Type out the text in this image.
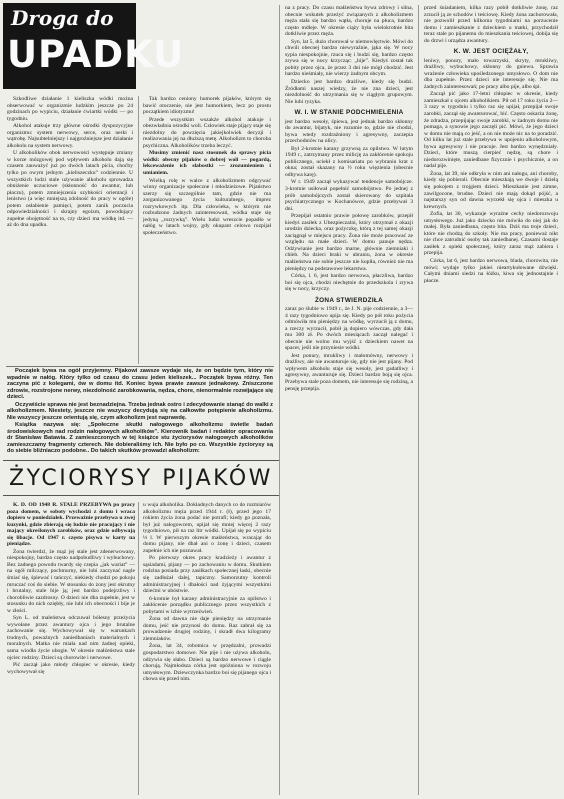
Droga do
UPADKU

Szkodliwe działanie 1 kieliszka wódki można obserwować w organizmie ludzkim jeszcze po 24 godzinach po wypiciu, działanie ćwiartki wódki — po tygodniu.

Alkohol atakuje trzy główne ośrodki dyspozycyjne organizmu: system nerwowy, serce, oraz nerki i wątrobę. Najsubtelniejszy i najgroźniejsze jest działanie alkoholu na system nerwowy.

U alkoholików obok nerwowości występuje zmiany w korze mózgowej pod wpływem alkoholu dają się czasem zauważyć już po dwóch latach picia, choćby tylko po owym jednym „kieliszeczku” codziennie. U wszystkich ludzi stale używanie alkoholu sprowadza obniżenie uczuciowe (skłonność do awantur, lub płaczu), potem zmniejszenia szybkości orientacji i lenistwo (a więc mniejszą zdolność do pracy w ogóle) potem osłabienie pamięci, potem zanik poczucia odpowiedzialności i skrajny egoizm, powodujący zupełne obojętność na to, czy dzieci ma wódkę itd. — aż do dna upadku.

Tak bardzo ceniony humorek pijaków, którym się bawić otoczenie, nie jest humorkiem, lecz po prostu początkiem idiotyzmu!

Przede wszystkim wszakże alkohol atakuje i obezwładnia ośrodki woli. Człowiek staje pijący staje się niezdolny do powzięcia jakiejkolwiek decyzji i realizowania jej na dłuższą metę. Alkoholizm to choroba psychiczna. Alkoholików trzeba leczyć.

Musimy zmienić nasz stosunek do sprawy picia wódki: obecny pijaków o dobrej woli — pogardą, lekceważenie ich słabostki — zrozumieniem i umianiem.

Wielką rolę w walce z alkoholizmem odgrywać winny organizacje społeczne i młodzieżowe. Pijaństwo szerzy się szczególnie tam, gdzie nie ma zorganizowanego życia kulturalnego, imprez rozrywkowych itp. Dla człowieka, w którym nie rozbudzono żadnych zainteresowań, wódka staje się jedyną „rozrywką”. Wielu ludzi wreszcie popadło w nałóg w latach wojny, gdy okupant celowo rozpijał społeczeństwo.

Początek bywa na ogół przyjemny. Pijakowi zawsze wydaje się, że on będzie tym, który nie wpadnie w nałóg. Który tylko od czasu do czasu jeden kieliszek... Początek bywa różny. Ten zaczyna pić z kolegami, ów w domu itd. Koniec bywa prawie zawsze jednakowy. Zniszczone zdrowie, rozstrojone nerwy, niezdolność zarobkowania, nędza, chore, nienormalnie rozwijające się dzieci.

Oczywiście sprawa nie jest beznadziejna. Trzeba jednak ostro i zdecydowanie stanąć do walki z alkoholizmem. Niestety, jeszcze nie wszyscy decydują się na całkowite potępienie alkoholizmu. Nie wszyscy jeszcze orientują się, czym alkoholizm jest naprawdę.

Książka nazywa się: „Społeczne skutki nałogowego alkoholizmu świetle badań środowiskowych nad rodzin nałogowych alkoholików”. Kierownik badań i redaktor opracowania dr Stanisław Batawia. Z zamieszczonych w tej książce stu życiorysów nałogowych alkoholików zamieszczamy fragmenty czterech. Nie dobieraliśmy ich. Nie było po co. Wszystkie życiorysy są do siebie bliźniaczo podobne.. Do takich skutków prowadzi alkoholizm:

ŻYCIORYSY PIJAKÓW

K. D. OD 1948 R. STALE PRZEBYWA po pracy poza domem, w soboty wychodzi z domu i wraca dopiero w poniedziałek. Przeważnie przebywa u zwej kuzynki, gdzie zbierają się ludzie nie pracujący i nie mający określonych zarobków, oraz gdzie odbywają się libacje. Od 1947 r. często pisywa w karty na pieniądze.

Żona twierdzi, że mąż jej stale jest zdenerwowany, niespokojny, bardzo często nadpobudliwy i wybuchowy. Bez żadnego powodu twardy się czepia „jak wariat” — na ogół milczący, pochmurny, nie lubi zaczynać nagle śmiać się, śpiewać i tańczyć, niekiedy chodzi po pokoju mruczać coś do siebie. W stosunku do żony jest okrutny i brutalny, stale bije ją; jest bardzo podejrzliwy i chorobliwie zazdrosny. O dzieci nie dba zupełnie, jest w stosunku do nich oziębły, nie lubi ich obecności i bije je w złości.

Syn L. od maleństwa odczuwał bólesny przeżycia wywołane przez awantury ojca i jego brutalne zachowanie się. Wychowywał się w warunkach trudnych, poważnych zaniedbaniach materialnych i moralnych. Matka nie miała nad nim żadnej opieki, sama wiodła życie ubogie. W okresie małżeństwa stale ojciec rodziny. Dzieci są chorowite i nerwowe.

Pić zaczął jako młody chłopiec w okresie, kiedy wychowywał się

u wuja alkoholika. Dokładnych danych co do rozmiarów alkoholizmu męża przed 1944 r. (ł), przed jego 17 rokiem życia żona podać nie potrafi; kiedy go poznała, był już nałogowcem, upijał się mniej więcej 2 razy tygodniowo, pił na raz litr wódki. Upijał się po wypiciu ⅓ l. W pierwszym okresie małżeństwa, wracając do domu pijany, nie dbał ani o żonę i dzieci, czasem zupełnie ich nie poznawał.

Po pierwszy okres pracy kradzieży i awantur z sąsiadami, pijany — po zachowaniu w domu. Skutkiem rodzina posiada przy zasiłkach społecznej łaski, obecnie się zadłużał dalej, tapiczny. Samorzutny kontroli administracyjnej i dbałości nad żyjącymi wszystkimi dziećmi w ubóstwie.

6-krotnie był karany administracyjnie za opilstwo i zakłócenie porządku publicznego przez wszystkich z pobytami w izbie wytrzeźwień.

Żona od dawna nie daje pieniędzy na utrzymanie domu, jeść nie przynosi do domu. Raz zabrał się za prowadzenie drugiej rodziny, i skradł dwa kilogramy ziemniaków.

Żona, lat 34, robotnica w przędzalni, prowadzi gospodarstwo domowe. Nie pije i nie używa alkoholu, odżywia się słabo. Dzieci są bardzo nerwowe i ciągle chorują. Najmłodsza córka jest opóźniona w rozwoju umysłowym. Dziewczynka bardzo boi się pijanego ojca i chowa się przed nim.

na z pracy. Do czasu małżeństwa bywa zdrowy i silna, obecnie wskutek przeżyć związanych z alkoholizmem męża stała się bardzo wątła, choruje na płuca, bardzo często mdleje. W okresie ciąży była wielokrotnie bita dotkliwie przez męża.

Syn, lat 5, dużo chorował w niemowlęctwie. Mówi do chwili obecnej bardzo niewyraźnie, jąka się. W nocy sypia niespokojnie, rzuca się i budzi się, bardzo często zrywa się w nocy krzycząc: „bije”. Kiedyś został tak pobity przez ojca, że przez 3 dni nie mógł chodzić. Jest bardzo nieśmiały, nie wierzy żadnym obcym.

Dziecko jest bardzo drażliwe, kiedy się budzi. Źródłami naszej wiedzy, że nie zna dzieci, jest niezdolność do utrzymania się w ciągłym grupowym. Nie lubi ryzyka.

W. I. W STANIE PODCHMIELENIA

jest bardzo wesoły, śpiewa, jest jednak bardzo skłonny do awantur, bijatyk, nie rozumie to, gdzie nie chodzi, bywa wtedy rozdrażniony i agresywny, zaczepia przechodniów na ulicy.

Był 2-krotnie karany grzywną za opilstwo. W lutym 1949 r., zatrzymany przez milicję za zakłócenie spokoju publicznego, uciekł z komisariatu po wybraniu krat z okna; został skazany na ½ roku więzienia (obecnie odbywa karę).

W r. 1949 zaczął wykazywać tendencje samobójcze. 3-krotnie usiłował popełnić samobójstwo. Po jednej z prób samobójczych został skierowany do szpitala psychiatrycznego w Kochanówce, gdzie przebywał 3 dni.

Przepijał ostatnio prawie połowę zarobków, przepił kiedyś zasiłek z Ubezpieczalni, który otrzymał z okazji urodzin dziecka, oraz pożyczkę, którą z tej samej okazji zaciągnął w miejscu pracy. Żona nie może pracować ze względu na małe dzieci. W domu panuje nędza. Odżywianie jest bardzo marne, głównie ziemniaki i chleb. Na dzieci braki w ubraniu, żona w okresie małżeństwa nie sobie jeszcze nie kupiła, również nie ma pieniędzy na podstawowe lekarstwa.

Córka, l. 6, jest bardzo nerwowa, płaczliwa, bardzo boi się ojca, chodzi niechętnie do przedszkola i zrywa się w nocy, krzyczy.

ŻONA STWIERDZIŁA

zaraz po ślubie w 1949 r., że J. N. pije codziennie, a 3—4 razy tygodniowo upija się. Kiedy po pół roku pożycia odmówiła mu pieniędzy na wódkę, wyrzucił ją z domu, a rzeczy wyrzucił, pobił ją dopiero wówczas, gdy dała mu 300 zł. Po dwóch miesiącach zaczął nalegać i obecnie nie wolno mu wyjść z dzieckiem nawet na spacer, jeśli nie przyniesie wódki.

Jest ponury, mrukliwy i małomówny, nerwowy i drażliwy, ale nie awanturuje się, gdy nie jest pijany. Pod wpływem alkoholu staje się wesoły, jest gadatliwy i agresywny, awanturuje się. Dzieci bardzo boją się ojca. Przebywa stale poza domem, nie interesuje się rodziną, a pensję przepija.

przed śniadaniem, kilka razy pobił dotkliwie żonę, raz zrzucił ją ze schodów i teściowę. Kiedy żona zachorowała, nie pozwolił przed kilkoma tygodniami na porzucenie domu i zamieszkanie z dzieckiem u matki, przychodził teraz stale po pijanemu do mieszkania teściowej, dobija się do drzwi i urządza awantury.

K. W. JEST OCIĘŻAŁY,

leniwy, ponury, mało towarzyski, skryty, mrukliwy, drażliwy, wybuchowy, skłonny do gniewu. Sprawia wrażenie człowieka upośledzonego umysłowo. O dom nie dba zupełnie. Przez dzieci nie interesuje się. Nie ma żadnych zainteresowań; po pracy albo pije, albo śpi.

Zaczął pić jako 17-letni chłopiec w okresie, kiedy zamieszkał z ojcem alkoholikiem. Pił od 17 roku życia 2—3 razy w tygodniu i tylko raz się upijał, przepijał swoje zarobki, zaczął się awanturować, bić. Często oskarża żonę, że zdradza, przepijając swoje zarobki, w żadnym domu nie pomaga, a synowie jego zaczęli pić. Mówi, że jego dzieci w domu nie mają co jeść, a on nie może nic na to poradzić. Od kilku lat już stale przebywa w upojeniu alkoholowym, bywa agresywny i nie pracuje. Jest bardzo wynędzniały. Dzieci, które muszą cierpieć nędzę, są chore i niedorozwinięte, zaniedbane fizycznie i psychicznie, a on nadal pije.

Żona, lat 39, nie odkryła w nim ani nałogu, ani choroby, kiedy się pobierali. Obecnie mieszkają we dwoje i dzielą się pokojem z trojgiem dzieci. Mieszkanie jest zimne, zawilgocone, brudne. Dzieci nie mają dokąd pójść, a najstarszy syn od dawna wyrzekł się ojca i mieszka u krewnych.

Zofia, lat 30, wykazuje wyraźne cechy niedorozwoju umysłowego. Już jako dziecko nie mówiła do niej jak do małej. Była zaniedbana, często bita. Dziś ma troje dzieci, które nie chodzą do szkoły. Nie ma pracy, ponieważ nikt nie chce zatrudnić osoby tak zaniedbanej. Czasami dostaje zasiłek z opieki społecznej, który zaraz mąż zabiera i przepija.

Córka, lat 6, jest bardzo nerwowa, blada, chorowita, nie mówi; wydaje tylko jakieś nieartykułowane dźwięki. Całymi dniami siedzi na łóżku, kiwa się jednostajnie i płacze.
